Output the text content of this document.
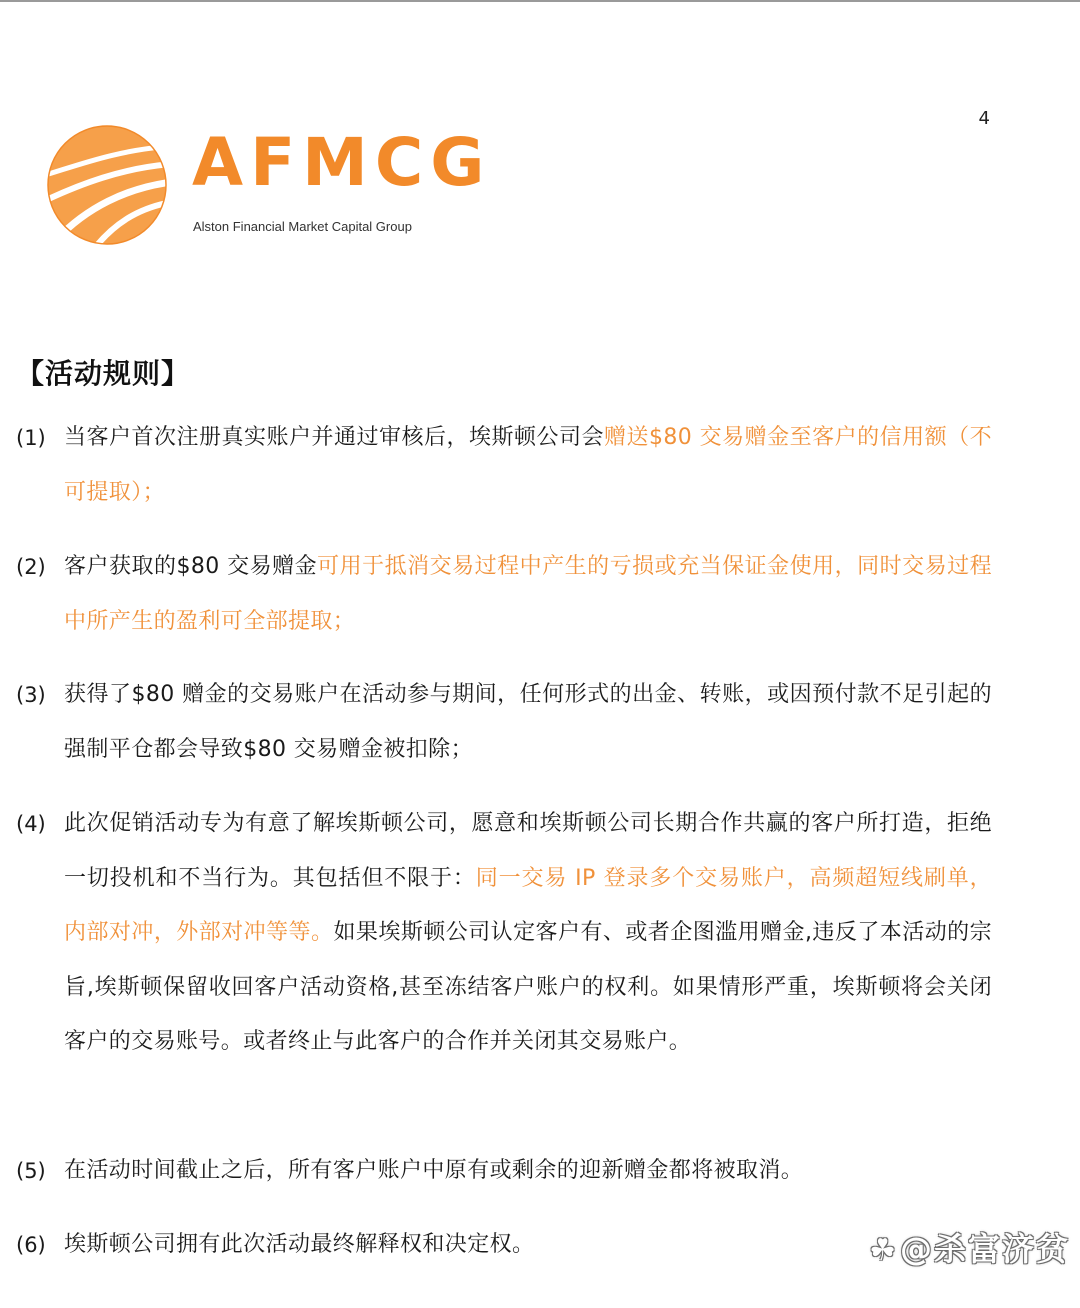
4
AFMCG
Alston Financial Market Capital Group
【活动规则】
(1) 当客户首次注册真实账户并通过审核后，埃斯顿公司会赠送$80 交易赠金至客户的信用额（不可提取）；
(2) 客户获取的$80 交易赠金可用于抵消交易过程中产生的亏损或充当保证金使用，同时交易过程中所产生的盈利可全部提取；
(3) 获得了$80 赠金的交易账户在活动参与期间，任何形式的出金、转账，或因预付款不足引起的强制平仓都会导致$80 交易赠金被扣除；
(4) 此次促销活动专为有意了解埃斯顿公司，愿意和埃斯顿公司长期合作共赢的客户所打造，拒绝一切投机和不当行为。其包括但不限于：同一交易 IP 登录多个交易账户，高频超短线刷单，内部对冲，外部对冲等等。如果埃斯顿公司认定客户有、或者企图滥用赠金,违反了本活动的宗旨,埃斯顿保留收回客户活动资格,甚至冻结客户账户的权利。如果情形严重，埃斯顿将会关闭客户的交易账号。或者终止与此客户的合作并关闭其交易账户。
(5) 在活动时间截止之后，所有客户账户中原有或剩余的迎新赠金都将被取消。
(6) 埃斯顿公司拥有此次活动最终解释权和决定权。	☘@杀富济贫
